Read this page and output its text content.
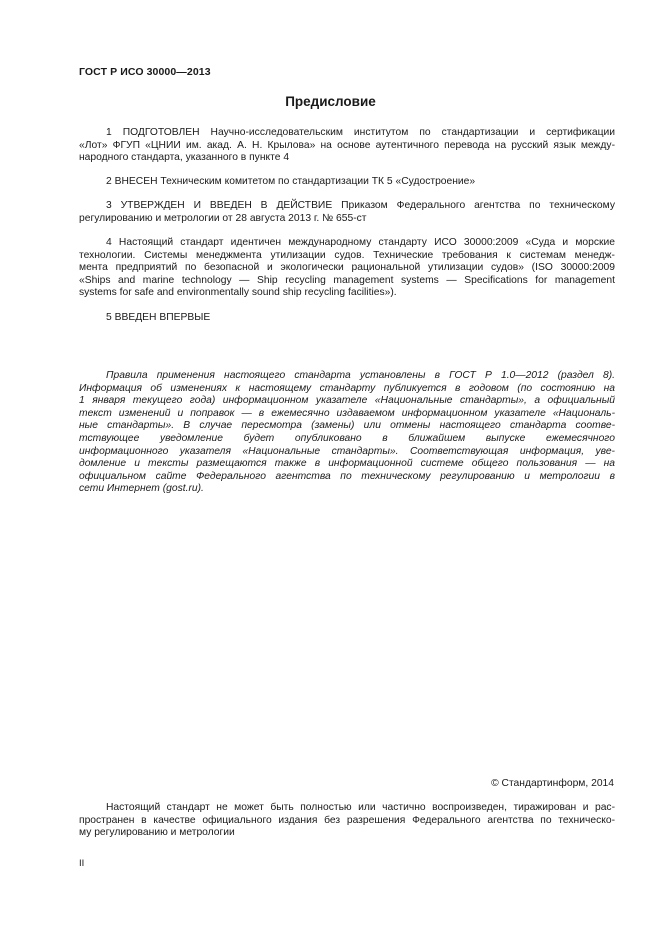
ГОСТ Р ИСО 30000—2013
Предисловие
1 ПОДГОТОВЛЕН Научно-исследовательским институтом по стандартизации и сертификации
«Лот» ФГУП «ЦНИИ им. акад. А. Н. Крылова» на основе аутентичного перевода на русский язык между-
народного стандарта, указанного в пункте 4
2 ВНЕСЕН Техническим комитетом по стандартизации ТК 5 «Судостроение»
3 УТВЕРЖДЕН И ВВЕДЕН В ДЕЙСТВИЕ Приказом Федерального агентства по техническому
регулированию и метрологии от 28 августа 2013 г. № 655-ст
4 Настоящий стандарт идентичен международному стандарту ИСО 30000:2009 «Суда и морские
технологии. Системы менеджмента утилизации судов. Технические требования к системам менедж-
мента предприятий по безопасной и экологически рациональной утилизации судов» (ISO 30000:2009
«Ships and marine technology — Ship recycling management systems — Specifications for management
systems for safe and environmentally sound ship recycling facilities»).
5 ВВЕДЕН ВПЕРВЫЕ
Правила применения настоящего стандарта установлены в ГОСТ Р 1.0—2012 (раздел 8).
Информация об изменениях к настоящему стандарту публикуется в годовом (по состоянию на
1 января текущего года) информационном указателе «Национальные стандарты», а официальный
текст изменений и поправок — в ежемесячно издаваемом информационном указателе «Националь-
ные стандарты». В случае пересмотра (замены) или отмены настоящего стандарта соотве-
тствующее уведомление будет опубликовано в ближайшем выпуске ежемесячного
информационного указателя «Национальные стандарты». Соответствующая информация, уве-
домление и тексты размещаются также в информационной системе общего пользования — на
официальном сайте Федерального агентства по техническому регулированию и метрологии в
сети Интернет (gost.ru).
© Стандартинформ, 2014
Настоящий стандарт не может быть полностью или частично воспроизведен, тиражирован и рас-
пространен в качестве официального издания без разрешения Федерального агентства по техническо-
му регулированию и метрологии
II
